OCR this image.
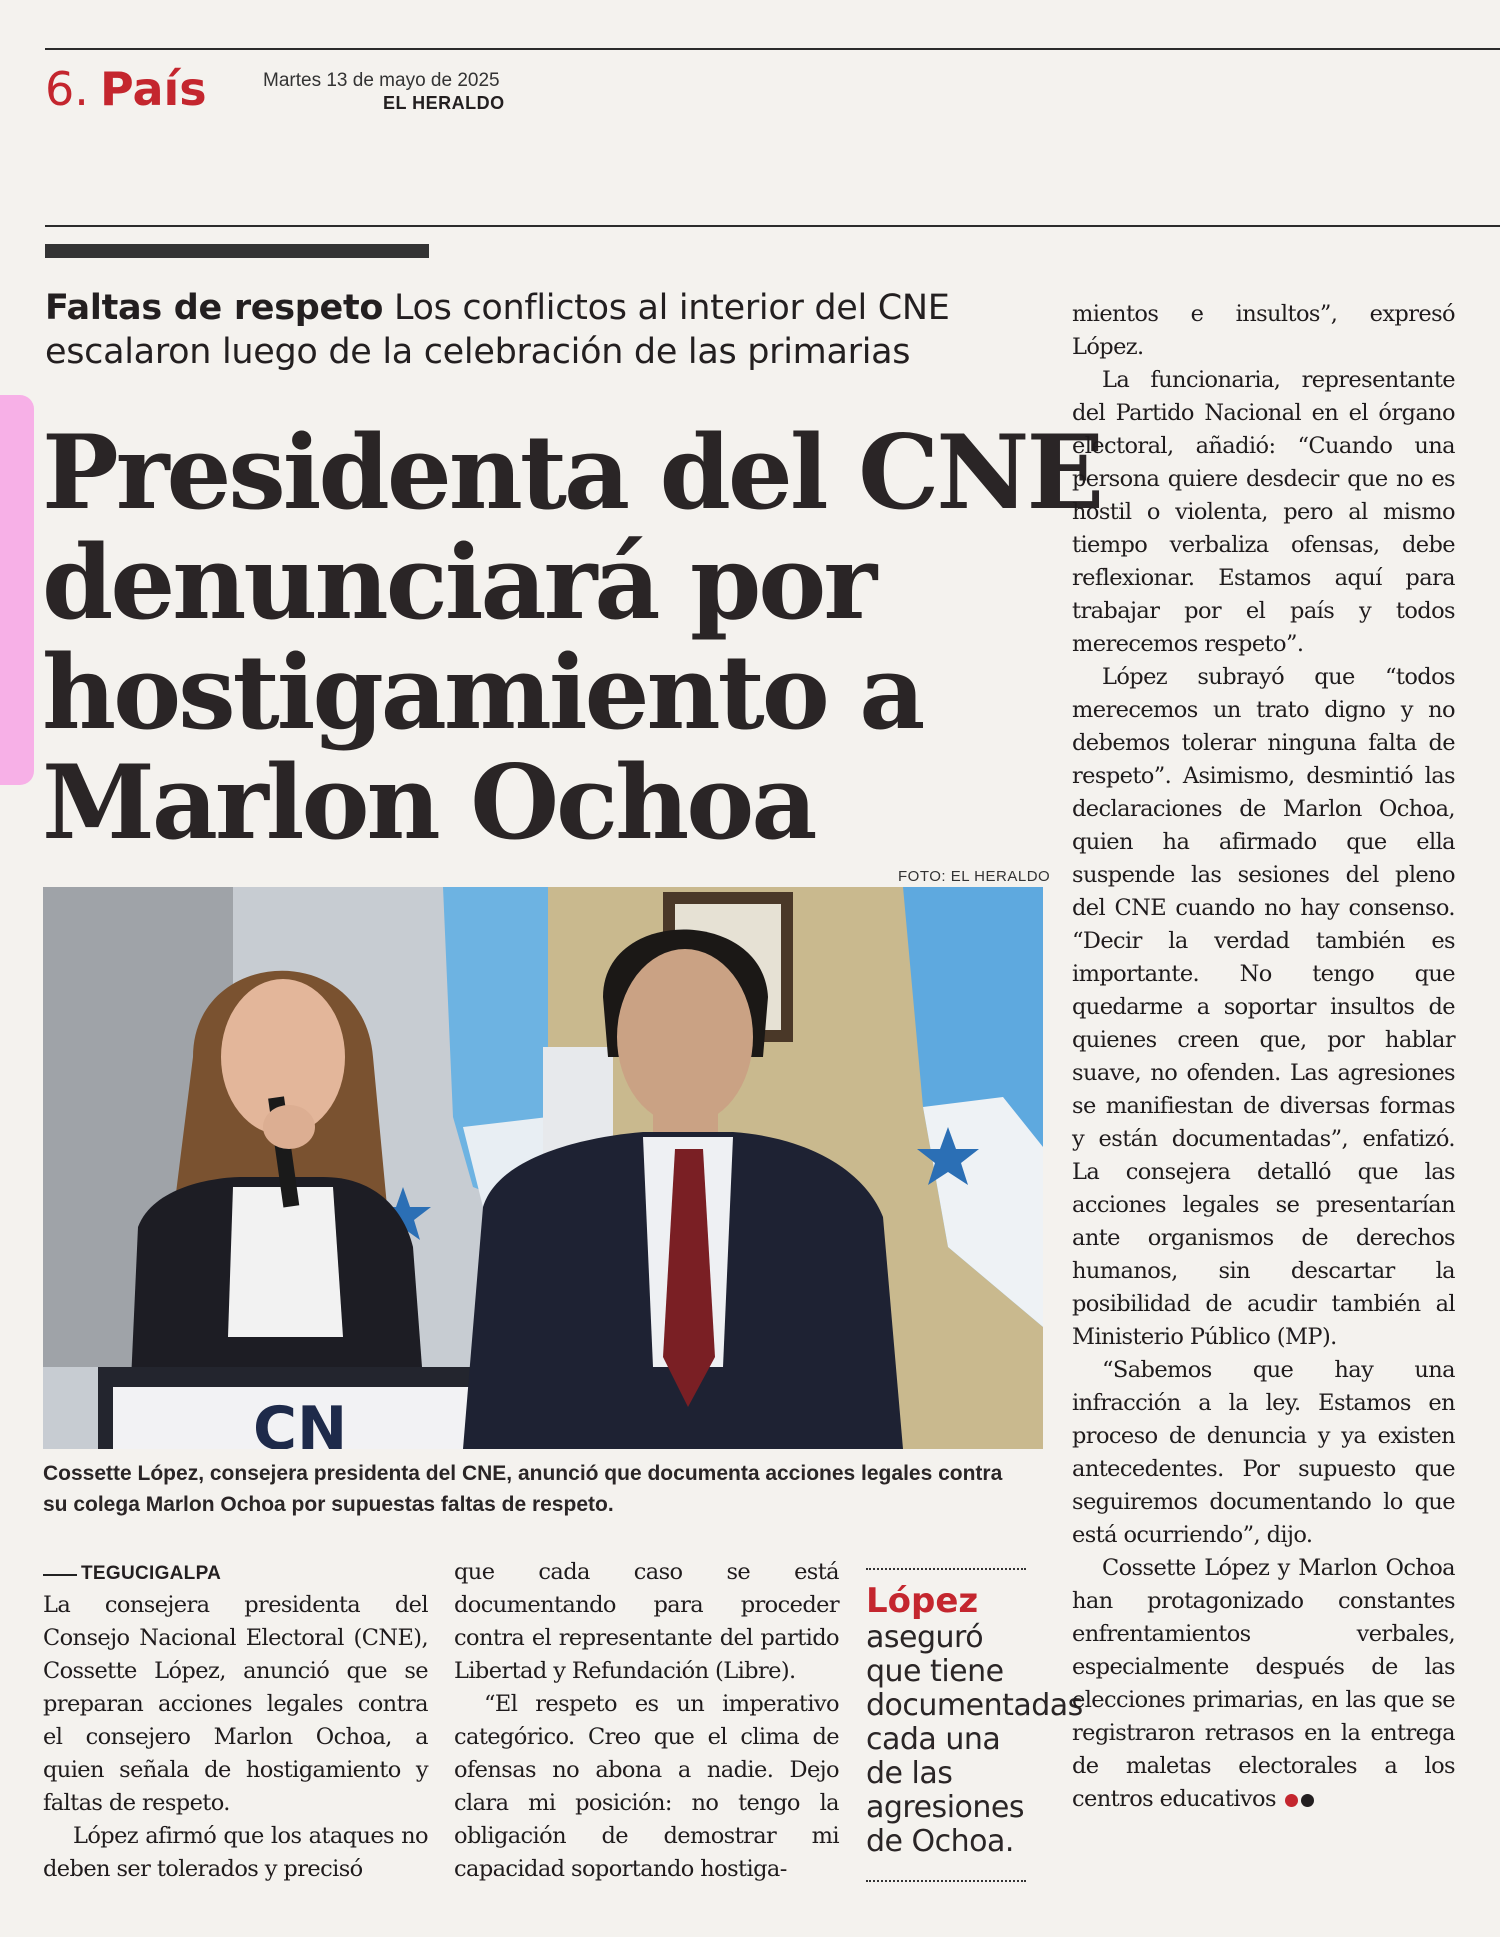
6. País	Martes 13 de mayo de 2025
EL HERALDO
Faltas de respeto Los conflictos al interior del CNE escalaron luego de la celebración de las primarias
Presidenta del CNE
denunciará por
hostigamiento a
Marlon Ochoa
FOTO: EL HERALDO
CN
Cossette López, consejera presidenta del CNE, anunció que documenta acciones legales contra su colega Marlon Ochoa por supuestas faltas de respeto.
TEGUCIGALPA

La consejera presidenta del Consejo Nacional Electoral (CNE), Cossette López, anunció que se preparan acciones legales contra el consejero Marlon Ochoa, a quien señala de hostigamiento y faltas de respeto.

López afirmó que los ataques no deben ser tolerados y precisó

que cada caso se está documentando para proceder contra el representante del partido Libertad y Refundación (Libre).

“El respeto es un imperativo categórico. Creo que el clima de ofensas no abona a nadie. Dejo clara mi posición: no tengo la obligación de demostrar mi capacidad soportando hostiga-

López
aseguró que tiene documentadas cada una de las agresiones de Ochoa.

mientos e insultos”, expresó López.

La funcionaria, representante del Partido Nacional en el órgano electoral, añadió: “Cuando una persona quiere desdecir que no es hostil o violenta, pero al mismo tiempo verbaliza ofensas, debe reflexionar. Estamos aquí para trabajar por el país y todos merecemos respeto”.

López subrayó que “todos merecemos un trato digno y no debemos tolerar ninguna falta de respeto”. Asimismo, desmintió las declaraciones de Marlon Ochoa, quien ha afirmado que ella suspende las sesiones del pleno del CNE cuando no hay consenso. “Decir la verdad también es importante. No tengo que quedarme a soportar insultos de quienes creen que, por hablar suave, no ofenden. Las agresiones se manifiestan de diversas formas y están documentadas”, enfatizó. La consejera detalló que las acciones legales se presentarían ante organismos de derechos humanos, sin descartar la posibilidad de acudir también al Ministerio Público (MP).

“Sabemos que hay una infracción a la ley. Estamos en proceso de denuncia y ya existen antecedentes. Por supuesto que seguiremos documentando lo que está ocurriendo”, dijo.

Cossette López y Marlon Ochoa han protagonizado constantes enfrentamientos verbales, especialmente después de las elecciones primarias, en las que se registraron retrasos en la entrega de maletas electorales a los centros educativos
